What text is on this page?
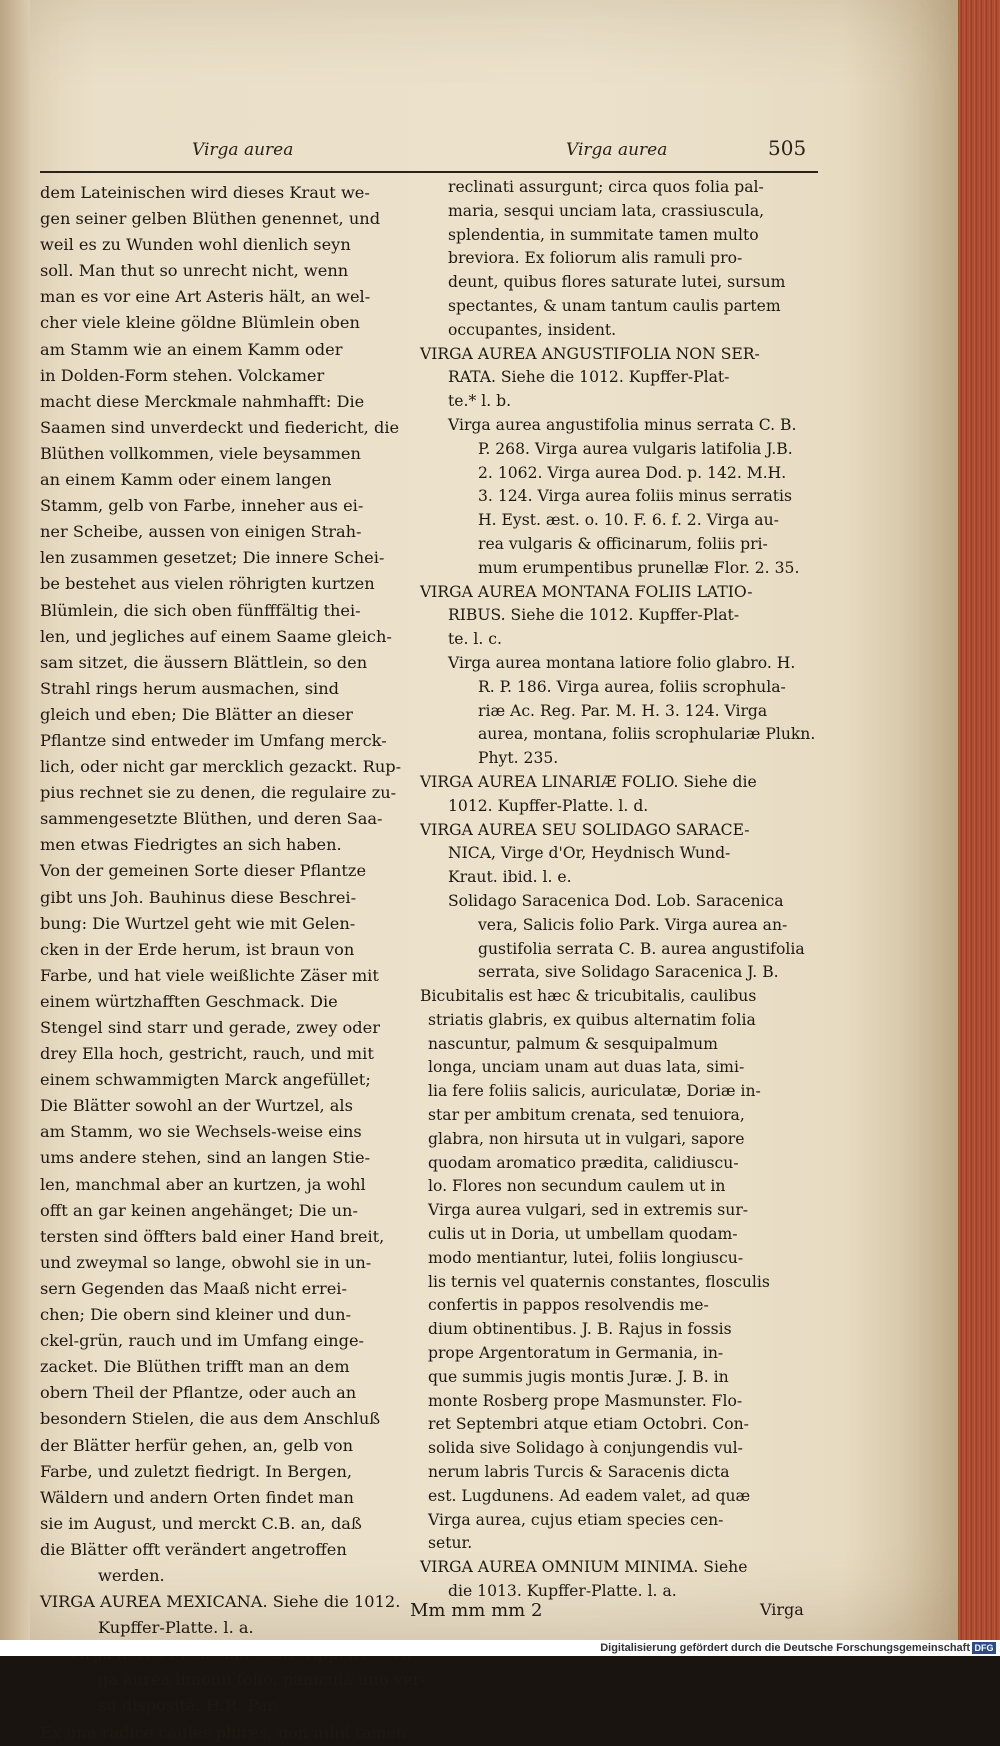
Virga aurea	Virga aurea	505
dem Lateinischen wird dieses Kraut we-
gen seiner gelben Blüthen genennet, und
weil es zu Wunden wohl dienlich seyn
soll. Man thut so unrecht nicht, wenn
man es vor eine Art Asteris hält, an wel-
cher viele kleine göldne Blümlein oben
am Stamm wie an einem Kamm oder
in Dolden-Form stehen. Volckamer
macht diese Merckmale nahmhafft: Die
Saamen sind unverdeckt und fiedericht, die
Blüthen vollkommen, viele beysammen
an einem Kamm oder einem langen
Stamm, gelb von Farbe, inneher aus ei-
ner Scheibe, aussen von einigen Strah-
len zusammen gesetzet; Die innere Schei-
be bestehet aus vielen röhrigten kurtzen
Blümlein, die sich oben fünfffältig thei-
len, und jegliches auf einem Saame gleich-
sam sitzet, die äussern Blättlein, so den
Strahl rings herum ausmachen, sind
gleich und eben; Die Blätter an dieser
Pflantze sind entweder im Umfang merck-
lich, oder nicht gar mercklich gezackt. Rup-
pius rechnet sie zu denen, die regulaire zu-
sammengesetzte Blüthen, und deren Saa-
men etwas Fiedrigtes an sich haben.
Von der gemeinen Sorte dieser Pflantze
gibt uns Joh. Bauhinus diese Beschrei-
bung: Die Wurtzel geht wie mit Gelen-
cken in der Erde herum, ist braun von
Farbe, und hat viele weißlichte Zäser mit
einem würtzhafften Geschmack. Die
Stengel sind starr und gerade, zwey oder
drey Ella hoch, gestricht, rauch, und mit
einem schwammigten Marck angefüllet;
Die Blätter sowohl an der Wurtzel, als
am Stamm, wo sie Wechsels-weise eins
ums andere stehen, sind an langen Stie-
len, manchmal aber an kurtzen, ja wohl
offt an gar keinen angehänget; Die un-
tersten sind öffters bald einer Hand breit,
und zweymal so lange, obwohl sie in un-
sern Gegenden das Maaß nicht errei-
chen; Die obern sind kleiner und dun-
ckel-grün, rauch und im Umfang einge-
zacket. Die Blüthen trifft man an dem
obern Theil der Pflantze, oder auch an
besondern Stielen, die aus dem Anschluß
der Blätter herfür gehen, an, gelb von
Farbe, und zuletzt fiedrigt. In Bergen,
Wäldern und andern Orten findet man
sie im August, und merckt C.B. an, daß
die Blätter offt verändert angetroffen
werden.
VIRGA AUREA MEXICANA. Siehe die 1012.
Kupffer-Platte. l. a.
ga aurea limonii folio, paniculâ uno ver-
su dispositâ. H.R. Par.
Ex una radice caules plures, non nihil tamen
reclinati assurgunt; circa quos folia pal-
maria, sesqui unciam lata, crassiuscula,
splendentia, in summitate tamen multo
breviora. Ex foliorum alis ramuli pro-
deunt, quibus flores saturate lutei, sursum
spectantes, & unam tantum caulis partem
occupantes, insident.
VIRGA AUREA ANGUSTIFOLIA NON SER-
RATA. Siehe die 1012. Kupffer-Plat-
te.* l. b.
Virga aurea angustifolia minus serrata C. B.
P. 268. Virga aurea vulgaris latifolia J.B.
2. 1062. Virga aurea Dod. p. 142. M.H.
3. 124. Virga aurea foliis minus serratis
H. Eyst. æst. o. 10. F. 6. f. 2. Virga au-
rea vulgaris & officinarum, foliis pri-
mum erumpentibus prunellæ Flor. 2. 35.
VIRGA AUREA MONTANA FOLIIS LATIO-
RIBUS. Siehe die 1012. Kupffer-Plat-
te. l. c.
Virga aurea montana latiore folio glabro. H.
R. P. 186. Virga aurea, foliis scrophula-
riæ Ac. Reg. Par. M. H. 3. 124. Virga
aurea, montana, foliis scrophulariæ Plukn.
Phyt. 235.
VIRGA AUREA LINARIÆ FOLIO. Siehe die
1012. Kupffer-Platte. l. d.
VIRGA AUREA SEU SOLIDAGO SARACE-
NICA, Virge d'Or, Heydnisch Wund-
Kraut. ibid. l. e.
Solidago Saracenica Dod. Lob. Saracenica
vera, Salicis folio Park. Virga aurea an-
gustifolia serrata C. B. aurea angustifolia
serrata, sive Solidago Saracenica J. B.
Bicubitalis est hæc & tricubitalis, caulibus
striatis glabris, ex quibus alternatim folia
nascuntur, palmum & sesquipalmum
longa, unciam unam aut duas lata, simi-
lia fere foliis salicis, auriculatæ, Doriæ in-
star per ambitum crenata, sed tenuiora,
glabra, non hirsuta ut in vulgari, sapore
quodam aromatico prædita, calidiuscu-
lo. Flores non secundum caulem ut in
Virga aurea vulgari, sed in extremis sur-
culis ut in Doria, ut umbellam quodam-
modo mentiantur, lutei, foliis longiuscu-
lis ternis vel quaternis constantes, flosculis
confertis in pappos resolvendis me-
dium obtinentibus. J. B. Rajus in fossis
prope Argentoratum in Germania, in-
que summis jugis montis Juræ. J. B. in
monte Rosberg prope Masmunster. Flo-
ret Septembri atque etiam Octobri. Con-
solida sive Solidago à conjungendis vul-
nerum labris Turcis & Saracenis dicta
est. Lugdunens. Ad eadem valet, ad quæ
Virga aurea, cujus etiam species cen-
setur.
VIRGA AUREA OMNIUM MINIMA. Siehe
die 1013. Kupffer-Platte. l. a.
Mm mm mm 2	Virga
Digitalisierung gefördert durch die Deutsche Forschungsgemeinschaft DFG
